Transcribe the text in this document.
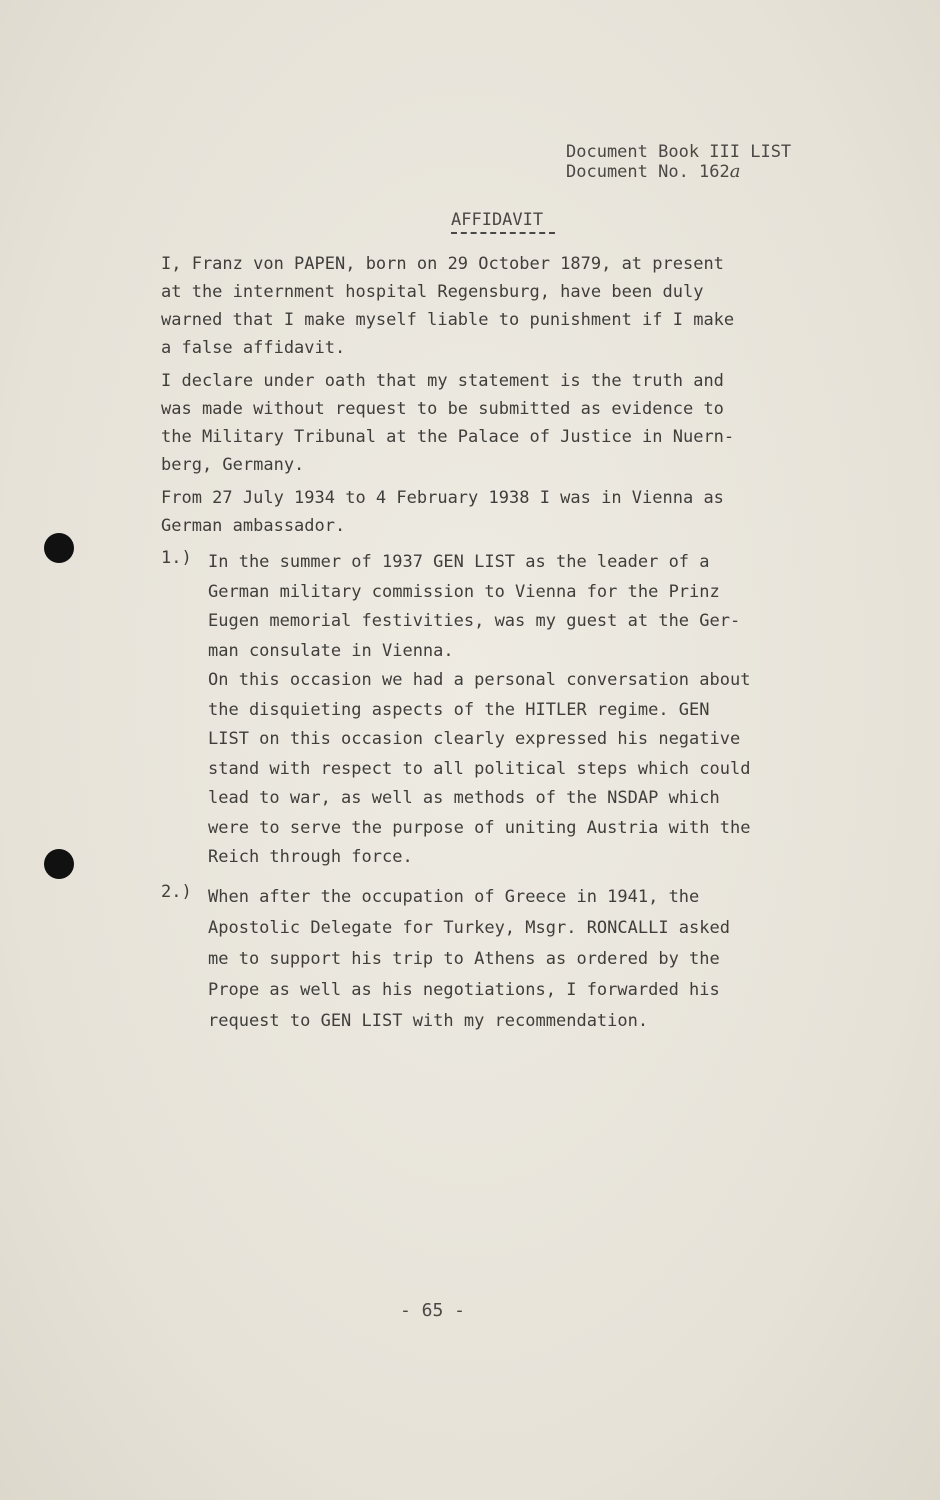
Document Book III LIST
Document No. 162a
AFFIDAVIT
I, Franz von PAPEN, born on 29 October 1879, at present
at the internment hospital Regensburg, have been duly
warned that I make myself liable to punishment if I make
a false affidavit.
I declare under oath that my statement is the truth and
was made without request to be submitted as evidence to
the Military Tribunal at the Palace of Justice in Nuern-
berg, Germany.
From 27 July 1934 to 4 February 1938 I was in Vienna as
German ambassador.
1.) In the summer of 1937 GEN LIST as the leader of a
German military commission to Vienna for the Prinz
Eugen memorial festivities, was my guest at the Ger-
man consulate in Vienna.
On this occasion we had a personal conversation about
the disquieting aspects of the HITLER regime. GEN
LIST on this occasion clearly expressed his negative
stand with respect to all political steps which could
lead to war, as well as methods of the NSDAP which
were to serve the purpose of uniting Austria with the
Reich through force.
2.) When after the occupation of Greece in 1941, the
Apostolic Delegate for Turkey, Msgr. RONCALLI asked
me to support his trip to Athens as ordered by the
Prope as well as his negotiations, I forwarded his
request to GEN LIST with my recommendation.
- 65 -
